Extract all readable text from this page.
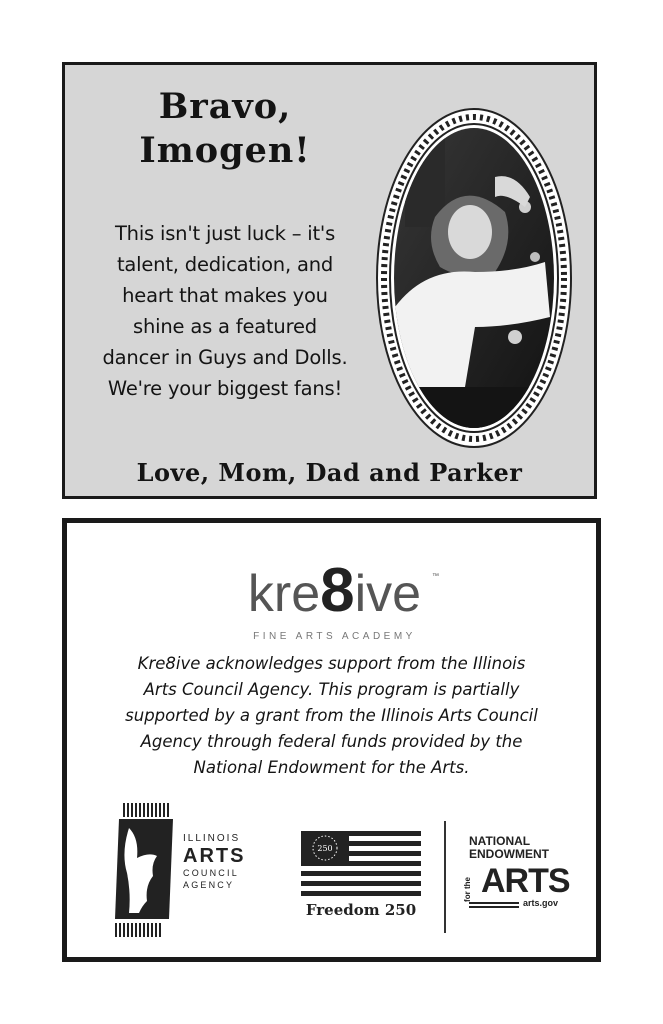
Bravo,
Imogen!
This isn't just luck – it's
talent, dedication, and
heart that makes you
shine as a featured
dancer in Guys and Dolls.
We're your biggest fans!
Love, Mom, Dad and Parker
kre8ive	™
FINE ARTS ACADEMY
Kre8ive acknowledges support from the Illinois
Arts Council Agency. This program is partially
supported by a grant from the Illinois Arts Council
Agency through federal funds provided by the
National Endowment for the Arts.
ILLINOIS
ARTS
COUNCIL
AGENCY
250
Freedom 250
NATIONAL
ENDOWMENT
for the ARTS
arts.gov
